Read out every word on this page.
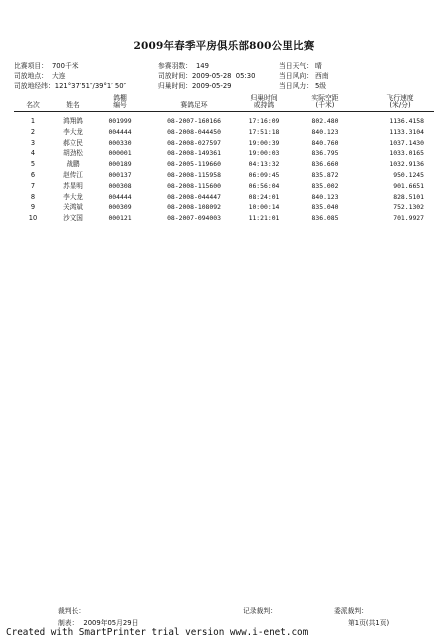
2009年春季平房俱乐部800公里比赛
比赛项目： 700千米
司放地点： 大连
司放地经纬：121°37′51″/39°1′ 50″
参赛羽数： 149
司放时间：2009-05-28  05:30
归巢时间：2009-05-29
当日天气： 晴
当日风向： 西南
当日风力： 5级
名次	姓名
鸽棚
编号	赛鸽足环
归巢时间
或持鸽
实际空距
(千米)
飞行速度
(米/分)
1	鸿翔鸽	001999	08-2007-160166	17:16:09	802.480	1136.4158
2	李大龙	004444	08-2008-044450	17:51:18	840.123	1133.3104
3	郝立民	000330	08-2008-027597	19:00:39	840.760	1037.1430
4	胡劲松	000001	08-2008-149361	19:00:03	836.795	1033.0165
5	战鹏	000189	08-2005-119660	04:13:32	836.660	1032.9136
6	赵传江	000137	08-2008-115958	06:09:45	835.872	950.1245
7	苏显明	000308	08-2008-115600	06:56:04	835.002	901.6651
8	李大龙	004444	08-2008-044447	08:24:01	840.123	828.5101
9	关鸿斌	000309	08-2008-108092	10:00:14	835.040	752.1302
10	沙文国	000121	08-2007-094003	11:21:01	836.085	701.9927
裁判长：	记录裁判：	委派裁判：
制表： 2009年05月29日	第1页(共1页)
Created with SmartPrinter trial version www.i-enet.com
